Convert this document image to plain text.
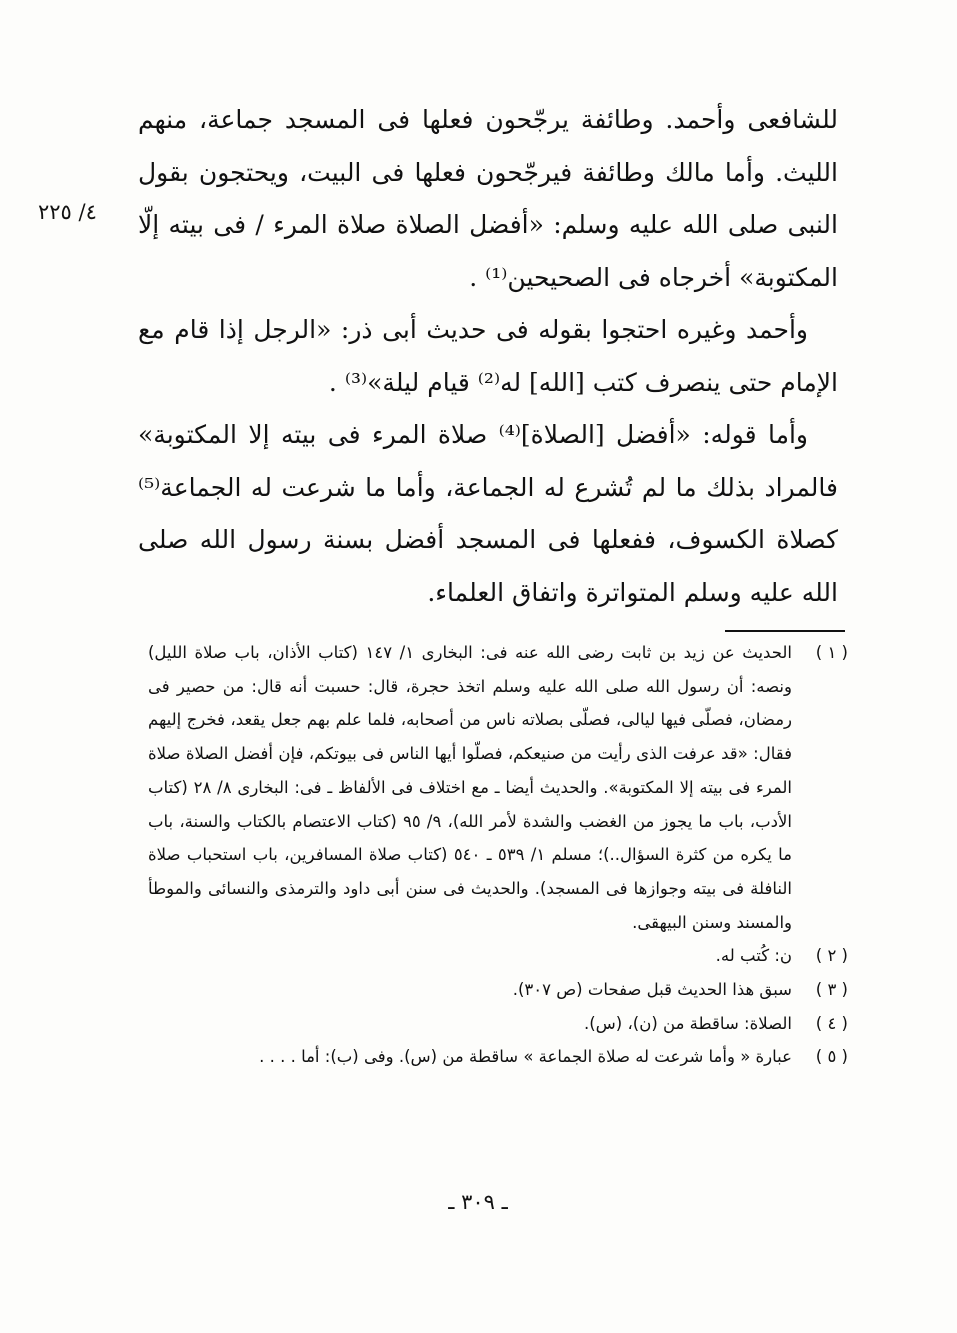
٤/ ٢٢٥

للشافعى وأحمد. وطائفة يرجّحون فعلها فى المسجد جماعة، منهم الليث. وأما مالك وطائفة فيرجّحون فعلها فى البيت، ويحتجون بقول النبى صلى الله عليه وسلم: «أفضل الصلاة صلاة المرء / فى بيته إلّا المكتوبة» أخرجاه فى الصحيحين⁽¹⁾ .

وأحمد وغيره احتجوا بقوله فى حديث أبى ذر: «الرجل إذا قام مع الإمام حتى ينصرف كتب [الله] له⁽²⁾ قيام ليلة»⁽³⁾ .

وأما قوله: «أفضل [الصلاة]⁽⁴⁾ صلاة المرء فى بيته إلا المكتوبة» فالمراد بذلك ما لم تُشرع له الجماعة، وأما ما شرعت له الجماعة⁽⁵⁾ كصلاة الكسوف، ففعلها فى المسجد أفضل بسنة رسول الله صلى الله عليه وسلم المتواترة واتفاق العلماء.

( ١ )
الحديث عن زيد بن ثابت رضى الله عنه فى: البخارى ١/ ١٤٧ (كتاب الأذان، باب صلاة الليل) ونصه: أن رسول الله صلى الله عليه وسلم اتخذ حجرة، قال: حسبت أنه قال: من حصير فى رمضان، فصلّى فيها ليالى، فصلّى بصلاته ناس من أصحابه، فلما علم بهم جعل يقعد، فخرج إليهم فقال: «قد عرفت الذى رأيت من صنيعكم، فصلّوا أيها الناس فى بيوتكم، فإن أفضل الصلاة صلاة المرء فى بيته إلا المكتوبة». والحديث أيضا ـ مع اختلاف فى الألفاظ ـ فى: البخارى ٨/ ٢٨ (كتاب الأدب، باب ما يجوز من الغضب والشدة لأمر الله)، ٩/ ٩٥ (كتاب الاعتصام بالكتاب والسنة، باب ما يكره من كثرة السؤال..)؛ مسلم ١/ ٥٣٩ ـ ٥٤٠ (كتاب صلاة المسافرين، باب استحباب صلاة النافلة فى بيته وجوازها فى المسجد). والحديث فى سنن أبى داود والترمذى والنسائى والموطأ والمسند وسنن البيهقى.
( ٢ )
ن: كُتب له.
( ٣ )
سبق هذا الحديث قبل صفحات (ص ٣٠٧).
( ٤ )
الصلاة: ساقطة من (ن)، (س).
( ٥ )
عبارة « وأما شرعت له صلاة الجماعة » ساقطة من (س). وفى (ب): أما . . . .
ـ ٣٠٩ ـ
